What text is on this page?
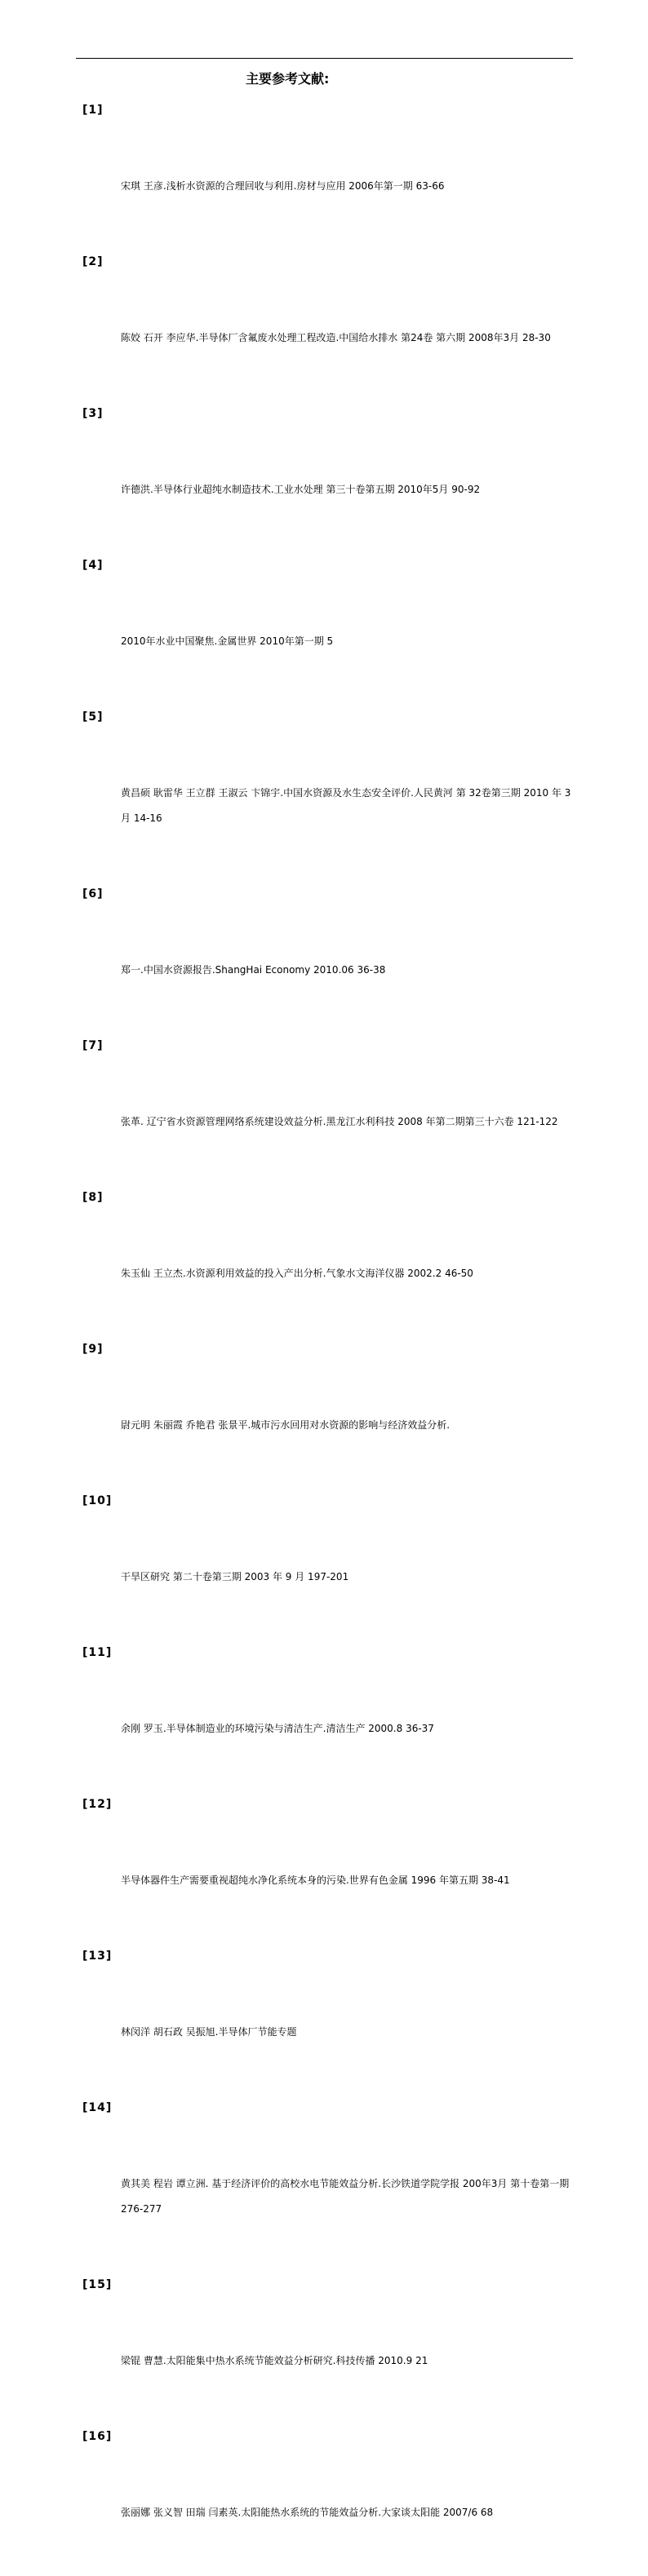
主要参考文献:

[1]

宋琪 王彦.浅析水资源的合理回收与利用.房材与应用 2006年第一期 63-66

[2]

陈姣 石开 李应华.半导体厂含氟废水处理工程改造.中国给水排水 第24卷 第六期 2008年3月 28-30

[3]

许德洪.半导体行业超纯水制造技术.工业水处理 第三十卷第五期 2010年5月 90-92

[4]

2010年水业中国聚焦.金属世界 2010年第一期 5

[5]

黄昌硕 耿雷华 王立群 王淑云 卞锦宇.中国水资源及水生态安全评价.人民黄河 第 32卷第三期 2010 年 3月 14-16

[6]

郑一.中国水资源报告.ShangHai Economy 2010.06 36-38

[7]

张革. 辽宁省水资源管理网络系统建设效益分析.黑龙江水利科技 2008 年第二期第三十六卷 121-122

[8]

朱玉仙 王立杰.水资源利用效益的投入产出分析.气象水文海洋仪器 2002.2 46-50

[9]

尉元明 朱丽霞 乔艳君 张景平.城市污水回用对水资源的影响与经济效益分析.

[10]

干旱区研究 第二十卷第三期 2003 年 9 月 197-201

[11]

余刚 罗玉.半导体制造业的环境污染与清洁生产.清洁生产 2000.8 36-37

[12]

半导体器件生产需要重视超纯水净化系统本身的污染.世界有色金属 1996 年第五期 38-41

[13]

林闵洋 胡石政 吴振旭.半导体厂节能专题

[14]

黄其美 程岩 谭立洲. 基于经济评价的高校水电节能效益分析.长沙铁道学院学报 200年3月 第十卷第一期 276-277

[15]

梁锟 曹慧.太阳能集中热水系统节能效益分析研究.科技传播 2010.9 21

[16]

张丽娜 张义智 田瑞 闫素英.太阳能热水系统的节能效益分析.大家谈太阳能 2007/6 68
